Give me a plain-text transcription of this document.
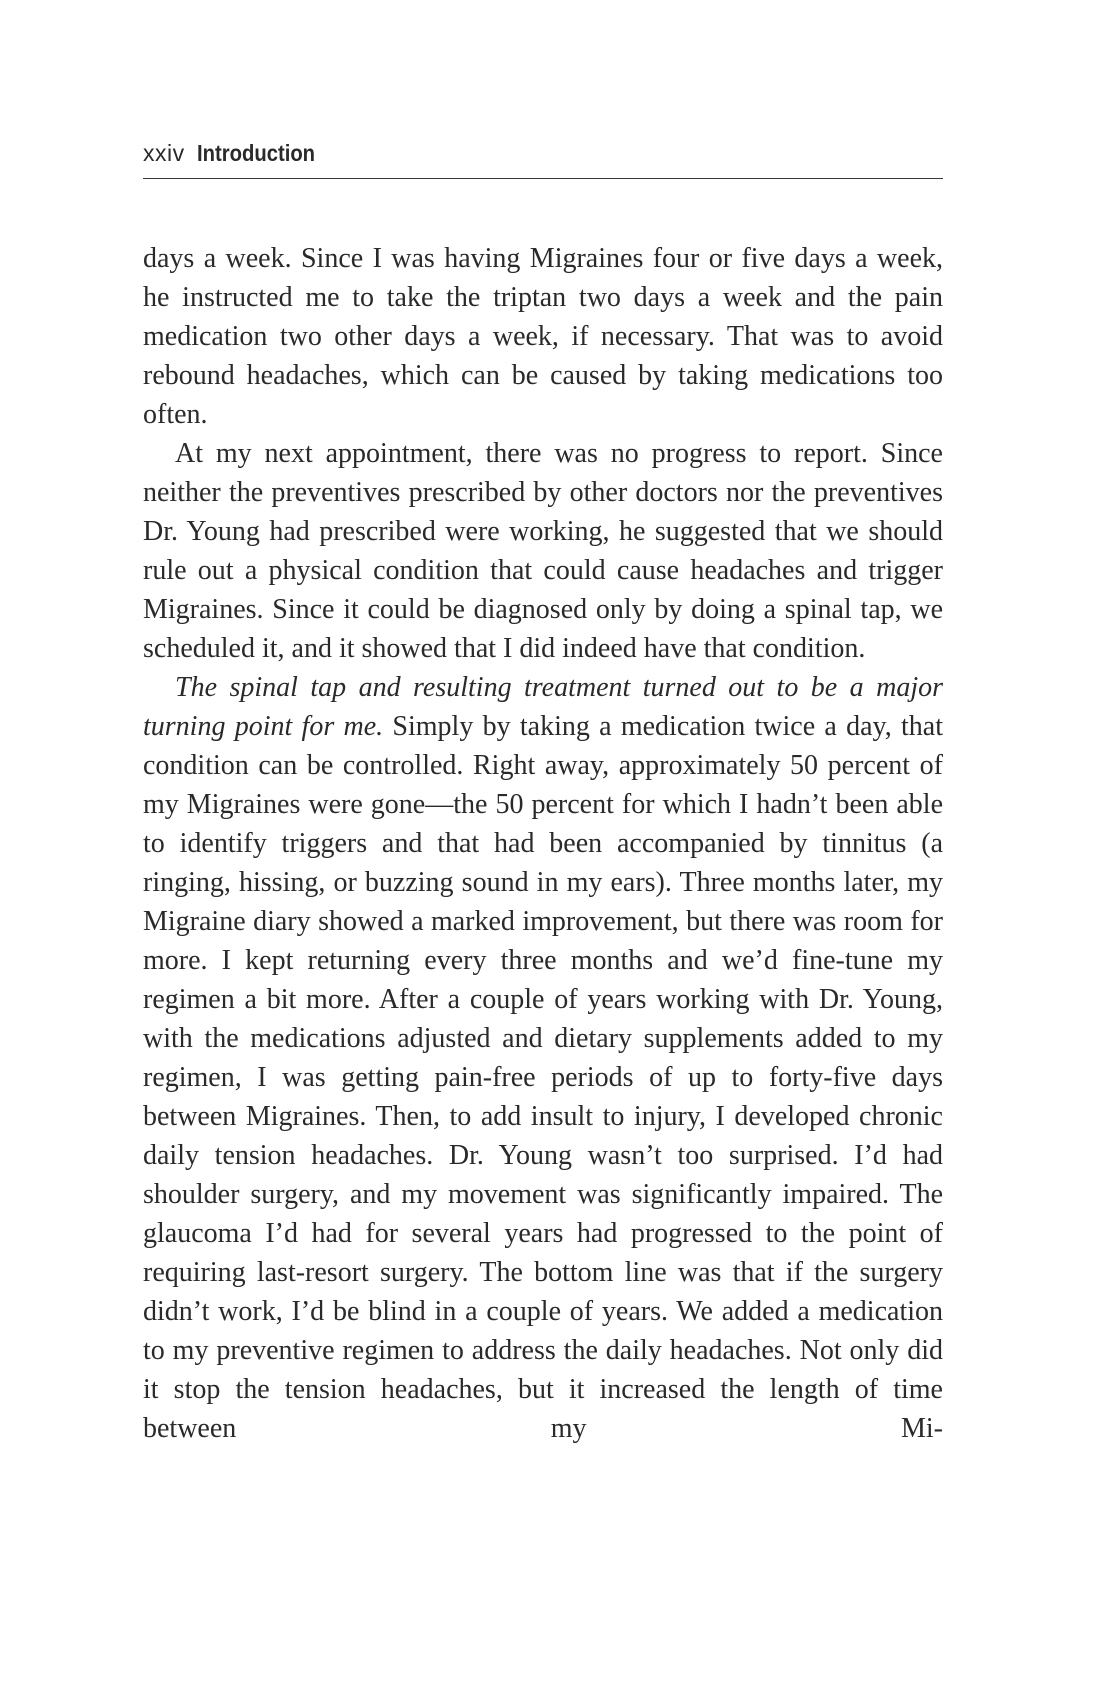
xxiv Introduction

days a week. Since I was having Migraines four or five days a week, he instructed me to take the triptan two days a week and the pain medication two other days a week, if necessary. That was to avoid rebound headaches, which can be caused by taking medications too often.

At my next appointment, there was no progress to report. Since neither the preventives prescribed by other doctors nor the preventives Dr. Young had prescribed were working, he suggested that we should rule out a physical condition that could cause headaches and trigger Migraines. Since it could be diagnosed only by doing a spinal tap, we scheduled it, and it showed that I did indeed have that condition.

The spinal tap and resulting treatment turned out to be a major turning point for me. Simply by taking a medication twice a day, that condition can be controlled. Right away, approximately 50 percent of my Migraines were gone—the 50 percent for which I hadn’t been able to identify triggers and that had been accompanied by tinnitus (a ringing, hissing, or buzzing sound in my ears). Three months later, my Migraine diary showed a marked improvement, but there was room for more. I kept returning every three months and we’d fine-tune my regimen a bit more. After a couple of years working with Dr. Young, with the medications adjusted and dietary supplements added to my regimen, I was getting pain-free periods of up to forty-five days between Migraines. Then, to add insult to injury, I developed chronic daily tension headaches. Dr. Young wasn’t too surprised. I’d had shoulder surgery, and my movement was significantly impaired. The glaucoma I’d had for several years had progressed to the point of requiring last-resort surgery. The bottom line was that if the surgery didn’t work, I’d be blind in a couple of years. We added a medication to my preventive regimen to address the daily headaches. Not only did it stop the tension headaches, but it increased the length of time between my Mi-
